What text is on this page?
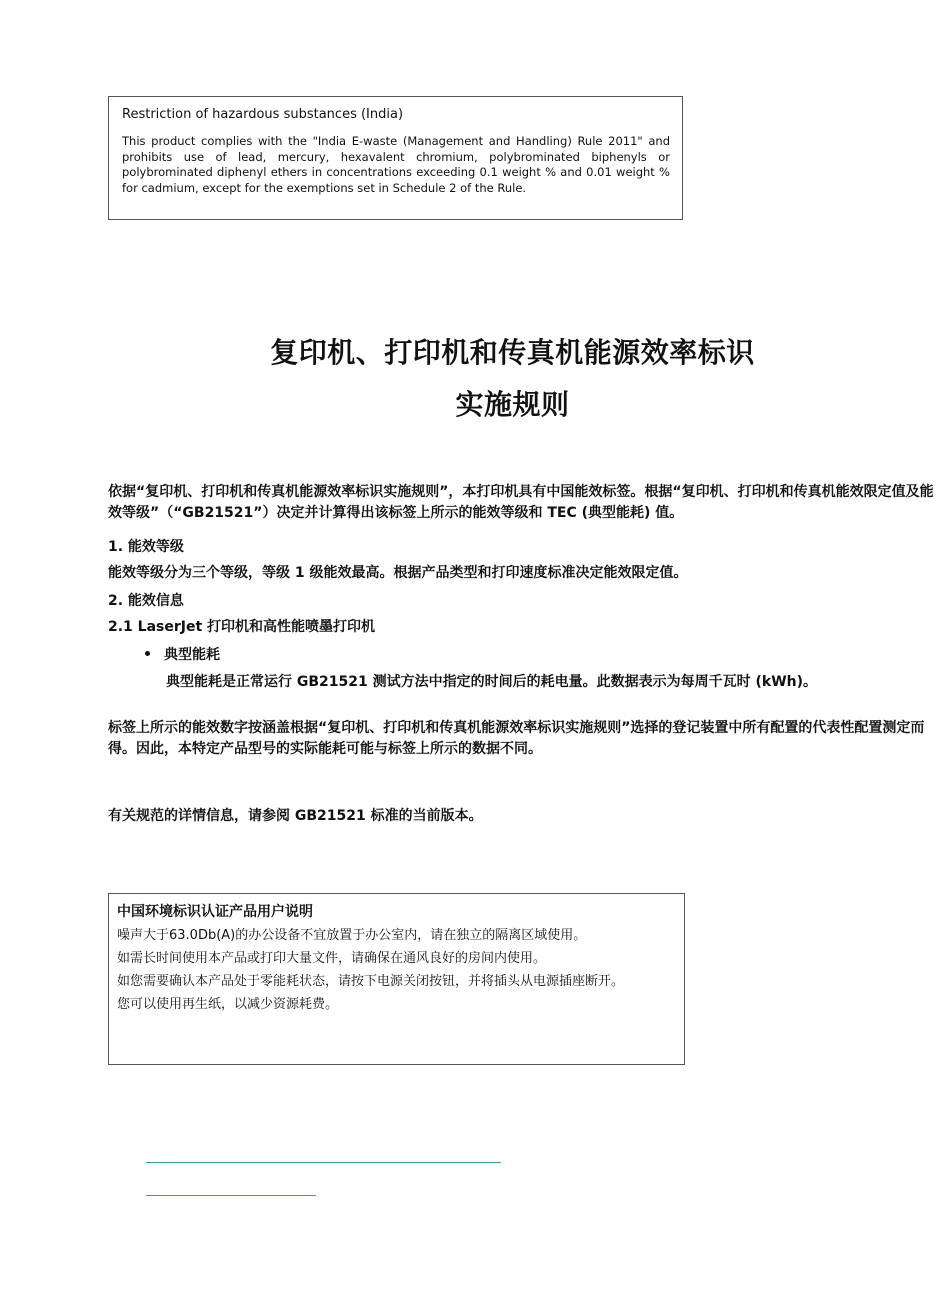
Restriction of hazardous substances (India)
This product complies with the "India E-waste (Management and Handling) Rule 2011" and prohibits use of lead, mercury, hexavalent chromium, polybrominated biphenyls or polybrominated diphenyl ethers in concentrations exceeding 0.1 weight % and 0.01 weight % for cadmium, except for the exemptions set in Schedule 2 of the Rule.
复印机、打印机和传真机能源效率标识
实施规则
依据“复印机、打印机和传真机能源效率标识实施规则”，本打印机具有中国能效标签。根据“复印机、打印机和传真机能效限定值及能效等级”（“GB21521”）决定并计算得出该标签上所示的能效等级和 TEC (典型能耗) 值。
1. 能效等级
能效等级分为三个等级，等级 1 级能效最高。根据产品类型和打印速度标准决定能效限定值。
2. 能效信息
2.1 LaserJet 打印机和高性能喷墨打印机
典型能耗
典型能耗是正常运行 GB21521 测试方法中指定的时间后的耗电量。此数据表示为每周千瓦时 (kWh)。
标签上所示的能效数字按涵盖根据“复印机、打印机和传真机能源效率标识实施规则”选择的登记装置中所有配置的代表性配置测定而得。因此，本特定产品型号的实际能耗可能与标签上所示的数据不同。
有关规范的详情信息，请参阅 GB21521 标准的当前版本。
中国环境标识认证产品用户说明
噪声大于63.0Db(A)的办公设备不宜放置于办公室内，请在独立的隔离区域使用。
如需长时间使用本产品或打印大量文件，请确保在通风良好的房间内使用。
如您需要确认本产品处于零能耗状态，请按下电源关闭按钮，并将插头从电源插座断开。
您可以使用再生纸，以减少资源耗费。
